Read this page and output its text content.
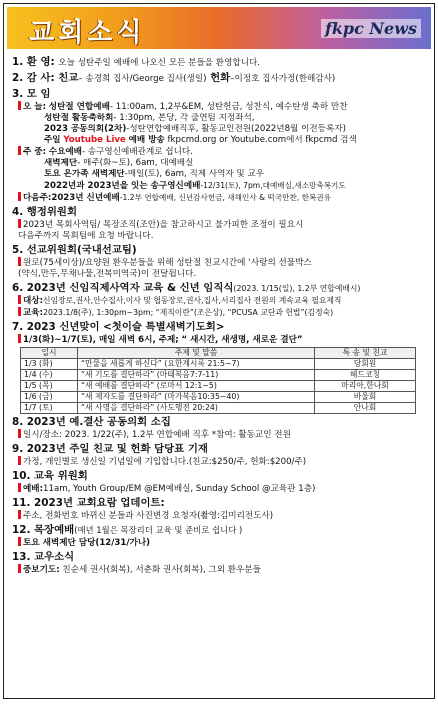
교회소식	fkpc News
1. 환 영: 오늘 성탄주일 예배에 나오신 모든 분들을 환영합니다.
2. 감 사: 친교– 송경희 집사/George 집사(생일) 헌화–이정호 집사가정(한해감사)
3. 모 임
오 늘: 성탄절 연합예배- 11:00am, 1,2부&EM, 성탄헌금, 성찬식, 예수탄생 축하 만찬
성탄절 활동축하회- 1:30pm, 본당, 각 출연팀 지정좌석,
2023 공동의회(2차)-성탄연합예배직후, 활동교인전원(2022년8월 이전등록자)
주일 Youtube Live 예배 방송 fkpcmd.org or Youtube.com에서 fkpcmd 검색
주 중: 수요예배- 송구영신예배관계로 쉽니다.
새벽제단- 매주(화~토), 6am, 대예배실
토요 온가족 새벽제단-매일(토), 6am, 직제 사역자 및 교우
2022년과 2023년을 잇는 송구영신예배-12/31(토), 7pm,대예배실,새소망축복기도
다음주:2023년 신년예배-1.2부 연합예배, 신년감사헌금, 새해인사 & 떡국만찬, 한복권유
4. 행정위원회
2023년 목회사역팀/ 목장조직(조안)을 참고하시고 불가피한 조정이 필요시
다음주까지 목회팀에 요청 바랍니다.
5. 선교위원회(국내선교팀)
원로(75세이상)/요양원 환우분들을 위해 성탄절 친교시간에 ‘사랑의 선물박스
(약식,만두,무채나물,전복미역국)이 전달됩니다.
6. 2023년 신임직제사역자 교육 & 신년 임직식(2023. 1/15(일), 1.2부 연합예배시)
대상:신임장로,권사,안수집사,이사 및 협동장로,권사,집사,서리집사 전원의 계속교육 필요제직
교육:2023.1/8(주), 1:30pm~3pm; “제직이란”(조은상), “PCUSA 교단과 헌법”(김정숙)
7. 2023 신년맞이 <첫이슬 특별새벽기도회>
1/3(화)~1/7(토), 매일 새벽 6시, 주제; “ 새시간, 새생명, 새로운 결단”
일시	주제 및 말씀	특 송 및 친교
1/3 (화)	“만물을 새롭게 하신다” (요한계시록 21:5~7)	당회원
1/4 (수)	“새 기도를 결단하라” (마태복음7:7-11)	헤드코칭
1/5 (목)	“새 예배를 결단하라” (로마서 12:1~5)	마리아,한나회
1/6 (금)	“새 제자도를 결단하라” (마가복음10:35~40)	바울회
1/7 (토)	“새 사명을 결단하라” (사도행전 20:24)	안나회
8. 2023년 예.결산 공동의회 소집
일시/장소: 2023. 1/22(주), 1.2부 연합예배 직후 *참여: 활동교인 전원
9. 2023년 주일 친교 및 헌화 담당표 기재
가정, 개인별로 생신일 기념일에 기입합니다.(친교:$250/주, 헌화:$200/주)
10. 교육 위원회
예배:11am, Youth Group/EM @EM예배실, Sunday School @교육관 1층)
11. 2023년 교회요람 업데이트:
주소, 전화번호 바뀌신 분들과 사진변경 요청자(촬영:김미리전도사)
12. 목장예배(매년 1월은 목장리더 교육 및 준비로 쉽니다 )
토요 새벽제단 담당(12/31/가나)
13. 교우소식
중보기도: 친순세 권사(회복), 서춘화 권사(회복), 그외 환우분들
